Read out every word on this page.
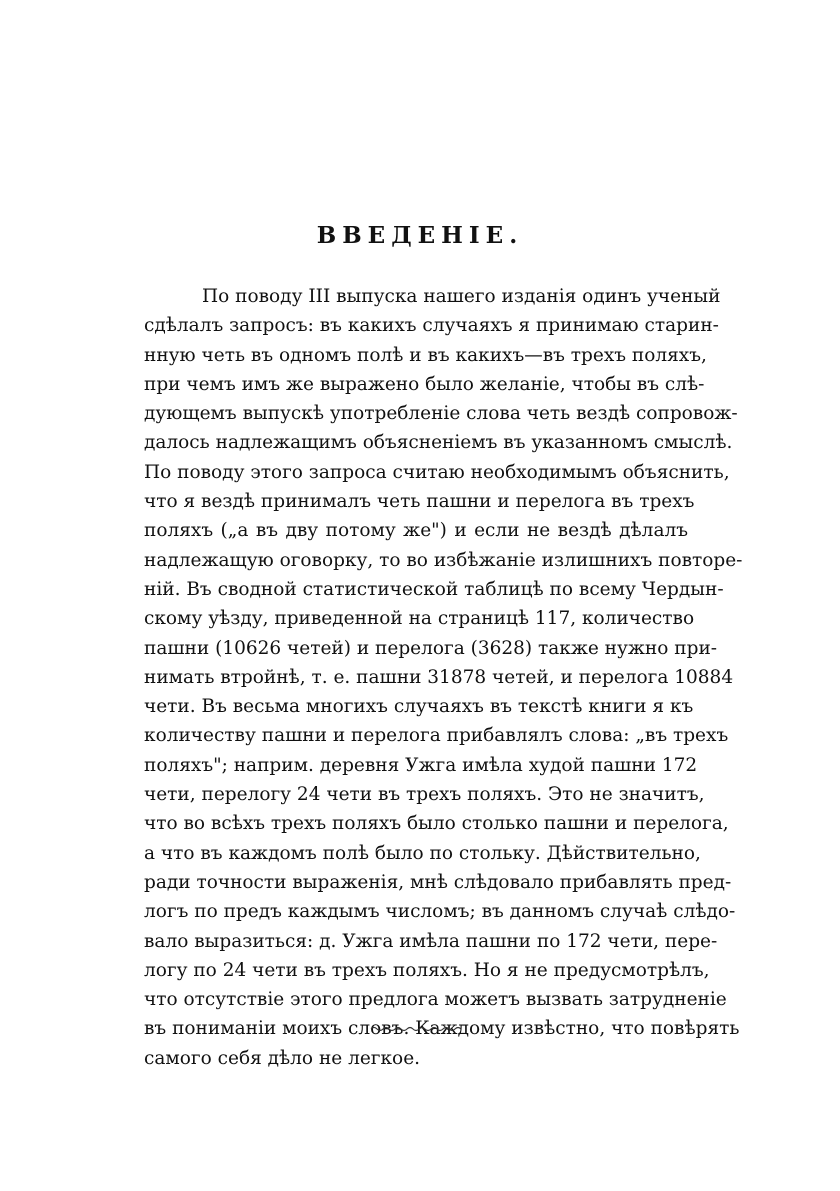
ВВЕДЕНІЕ.
По поводу III выпуска нашего изданія одинъ ученый
сдѣлалъ запросъ: въ какихъ случаяхъ я принимаю старин-
нную четь въ одномъ полѣ и въ какихъ—въ трехъ поляхъ,
при чемъ имъ же выражено было желаніе, чтобы въ слѣ-
дующемъ выпускѣ употребленіе слова четь вездѣ сопровож-
далось надлежащимъ объясненіемъ въ указанномъ смыслѣ.
По поводу этого запроса считаю необходимымъ объяснить,
что я вездѣ принималъ четь пашни и перелога въ трехъ
поляхъ („а въ дву потому же") и если не вездѣ дѣлалъ
надлежащую оговорку, то во избѣжаніе излишнихъ повторе-
ній. Въ сводной статистической таблицѣ по всему Чердын-
скому уѣзду, приведенной на страницѣ 117, количество
пашни (10626 четей) и перелога (3628) также нужно при-
нимать втройнѣ, т. е. пашни 31878 четей, и перелога 10884
чети. Въ весьма многихъ случаяхъ въ текстѣ книги я къ
количеству пашни и перелога прибавлялъ слова: „въ трехъ
поляхъ"; наприм. деревня Ужга имѣла худой пашни 172
чети, перелогу 24 чети въ трехъ поляхъ. Это не значитъ,
что во всѣхъ трехъ поляхъ было столько пашни и перелога,
а что въ каждомъ полѣ было по стольку. Дѣйствительно,
ради точности выраженія, мнѣ слѣдовало прибавлять пред-
логъ по предъ каждымъ числомъ; въ данномъ случаѣ слѣдо-
вало выразиться: д. Ужга имѣла пашни по 172 чети, пере-
логу по 24 чети въ трехъ поляхъ. Но я не предусмотрѣлъ,
что отсутствіе этого предлога можетъ вызвать затрудненіе
въ пониманіи моихъ словъ. Каждому извѣстно, что повѣрять
самого себя дѣло не легкое.
